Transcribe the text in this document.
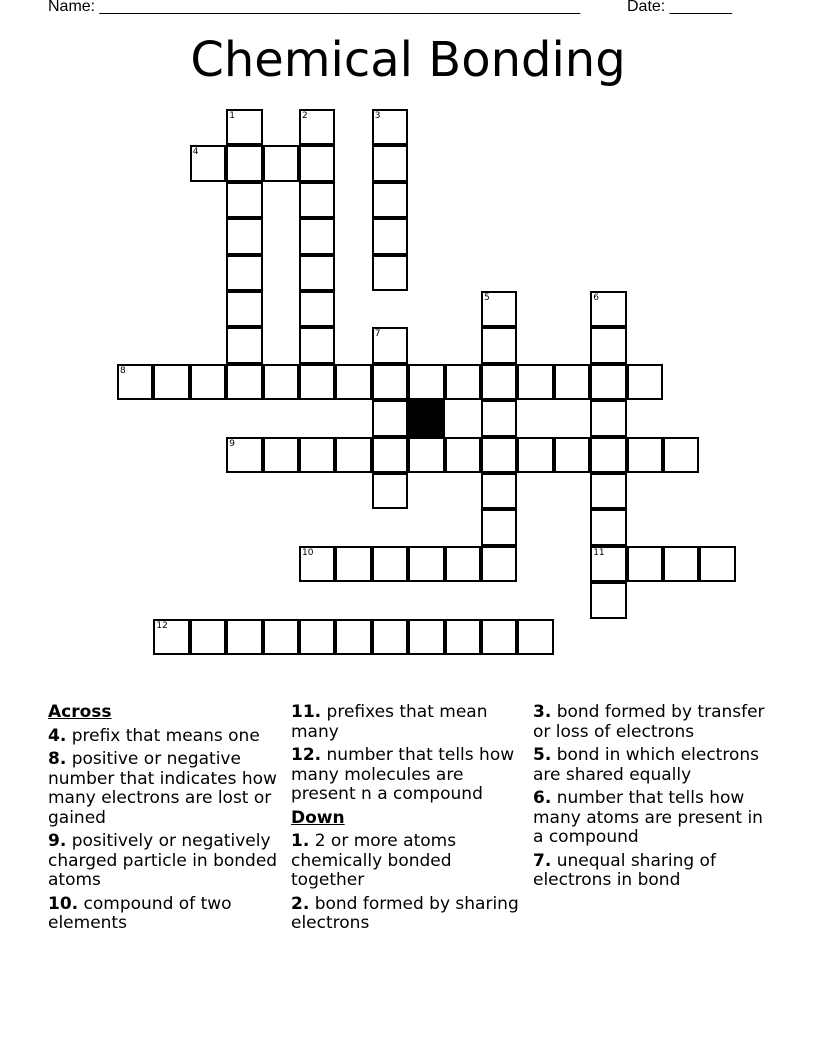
Name: ______________________________________________________	Date: _______
Chemical Bonding
1	2	3
4
5	6
11
7
8
9
10
12
Across
4. prefix that means one
8. positive or negative number that indicates how many electrons are lost or gained
9. positively or negatively charged particle in bonded atoms
10. compound of two elements
11. prefixes that mean many
12. number that tells how many molecules are present n a compound
Down
1. 2 or more atoms chemically bonded together
2. bond formed by sharing electrons
3. bond formed by transfer or loss of electrons
5. bond in which electrons are shared equally
6. number that tells how many atoms are present in a compound
7. unequal sharing of electrons in bond
